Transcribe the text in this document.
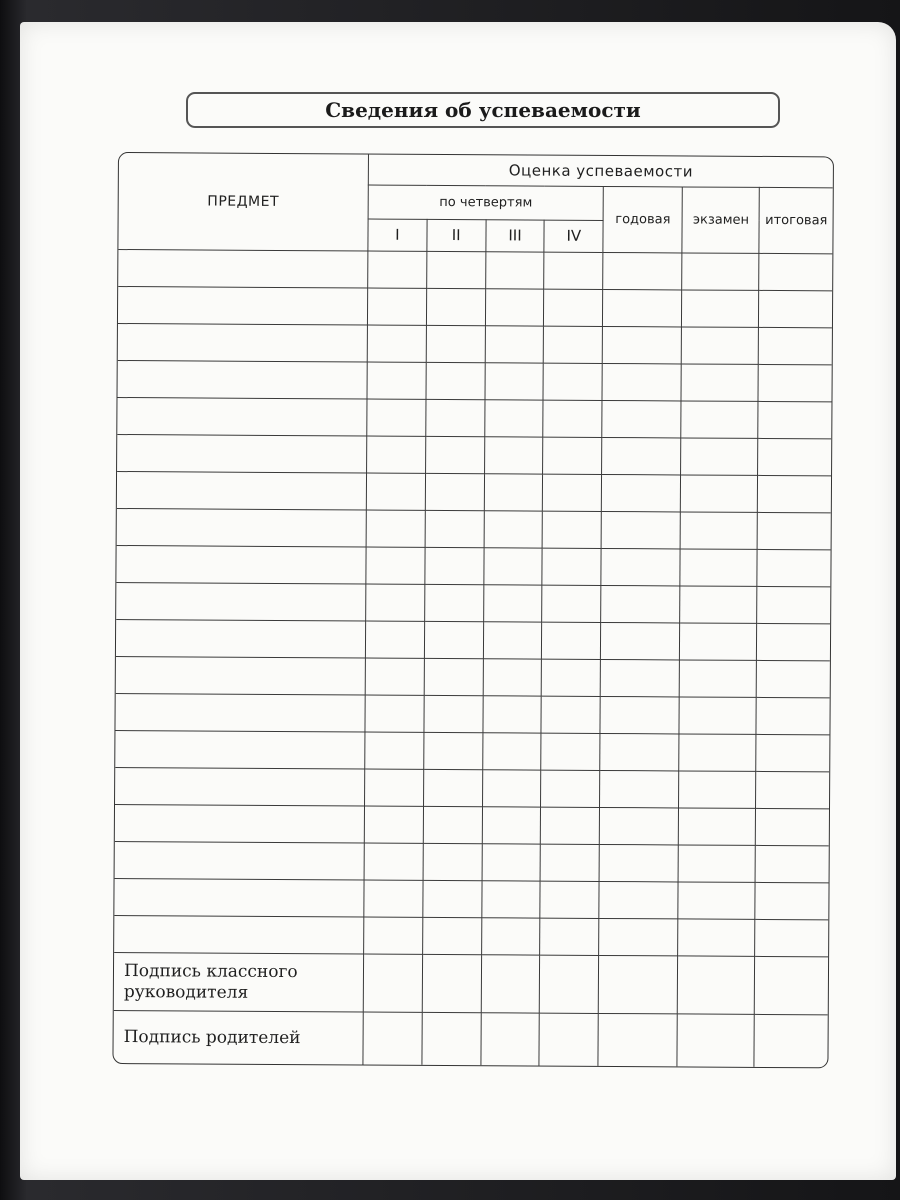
Сведения об успеваемости
ПРЕДМЕТ	Оценка успеваемости						
	по четвертям				годовая	экзамен	итоговая
	I	II	III	IV			

Подпись классного руководителя							
Подпись родителей							
